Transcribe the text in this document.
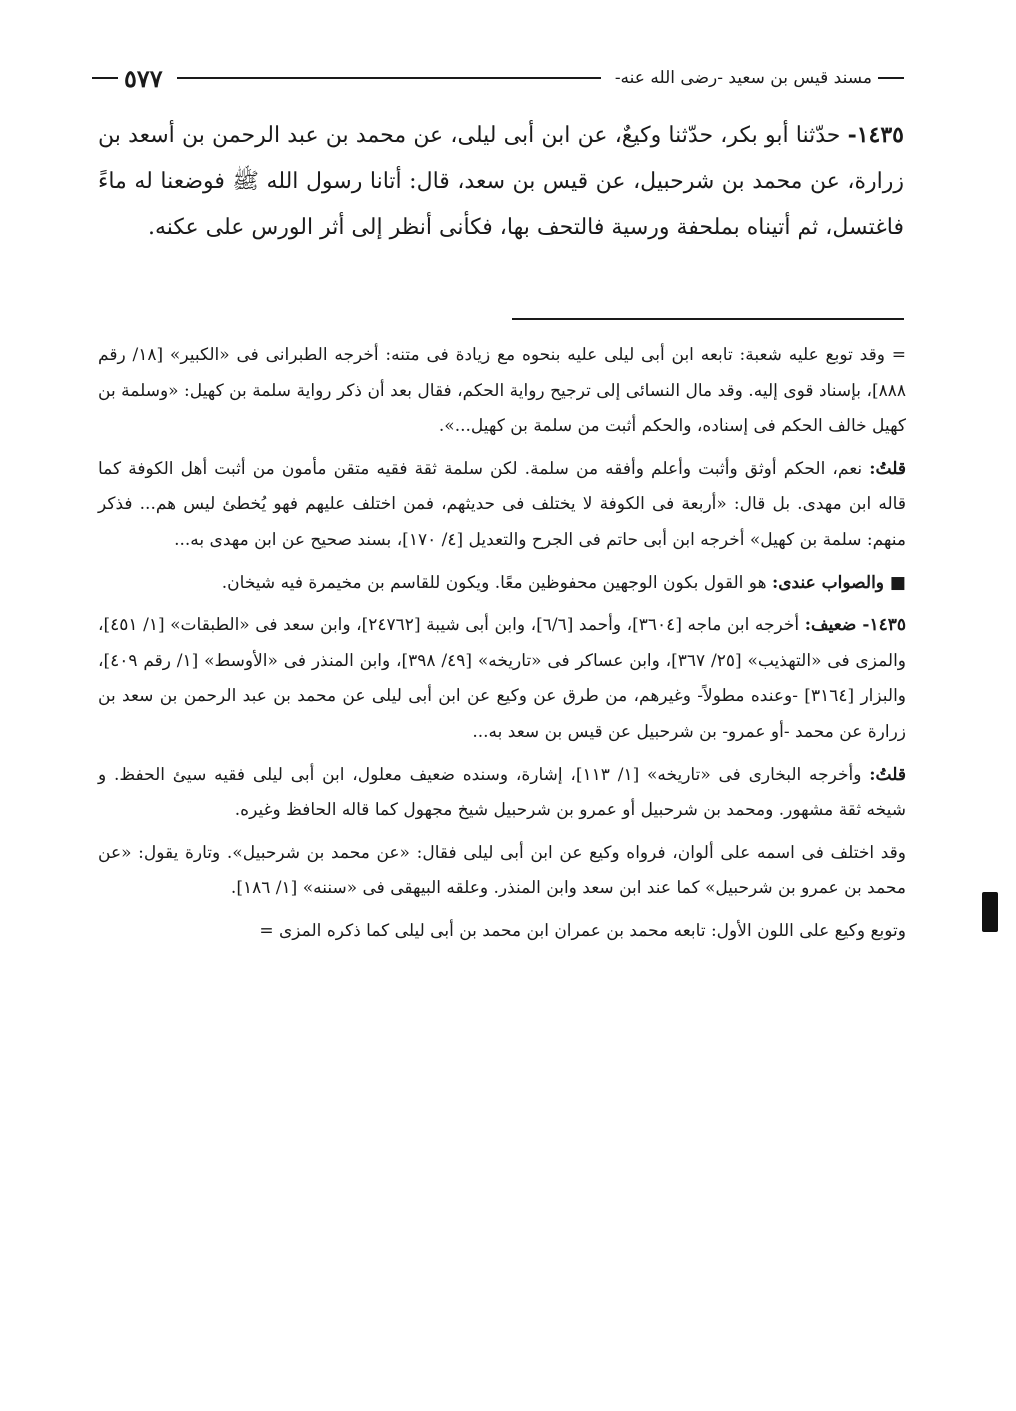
مسند قيس بن سعيد -رضى الله عنه-
٥٧٧
١٤٣٥- حدّثنا أبو بكر، حدّثنا وكيعٌ، عن ابن أبى ليلى، عن محمد بن عبد الرحمن بن أسعد بن زرارة، عن محمد بن شرحبيل، عن قيس بن سعد، قال: أتانا رسول الله ﷺ فوضعنا له ماءً فاغتسل، ثم أتيناه بملحفة ورسية فالتحف بها، فكأنى أنظر إلى أثر الورس على عكنه.

= وقد توبع عليه شعبة: تابعه ابن أبى ليلى عليه بنحوه مع زيادة فى متنه: أخرجه الطبرانى فى «الكبير» [١٨/ رقم ٨٨٨]، بإسناد قوى إليه. وقد مال النسائى إلى ترجيح رواية الحكم، فقال بعد أن ذكر رواية سلمة بن كهيل: «وسلمة بن كهيل خالف الحكم فى إسناده، والحكم أثبت من سلمة بن كهيل...».

قلتُ: نعم، الحكم أوثق وأثبت وأعلم وأفقه من سلمة. لكن سلمة ثقة فقيه متقن مأمون من أثبت أهل الكوفة كما قاله ابن مهدى. بل قال: «أربعة فى الكوفة لا يختلف فى حديثهم، فمن اختلف عليهم فهو يُخطئ ليس هم... فذكر منهم: سلمة بن كهيل» أخرجه ابن أبى حاتم فى الجرح والتعديل [٤/ ١٧٠]، بسند صحيح عن ابن مهدى به...

■ والصواب عندى: هو القول بكون الوجهين محفوظين معًا. ويكون للقاسم بن مخيمرة فيه شيخان.

١٤٣٥- ضعيف: أخرجه ابن ماجه [٣٦٠٤]، وأحمد [٦/٦]، وابن أبى شيبة [٢٤٧٦٢]، وابن سعد فى «الطبقات» [١/ ٤٥١]، والمزى فى «التهذيب» [٢٥/ ٣٦٧]، وابن عساكر فى «تاريخه» [٤٩/ ٣٩٨]، وابن المنذر فى «الأوسط» [١/ رقم ٤٠٩]، والبزار [٣١٦٤] -وعنده مطولاً- وغيرهم، من طرق عن وكيع عن ابن أبى ليلى عن محمد بن عبد الرحمن بن سعد بن زرارة عن محمد -أو عمرو- بن شرحبيل عن قيس بن سعد به...

قلتُ: وأخرجه البخارى فى «تاريخه» [١/ ١١٣]، إشارة، وسنده ضعيف معلول، ابن أبى ليلى فقيه سيئ الحفظ. و شيخه ثقة مشهور. ومحمد بن شرحبيل أو عمرو بن شرحبيل شيخ مجهول كما قاله الحافظ وغيره.

وقد اختلف فى اسمه على ألوان، فرواه وكيع عن ابن أبى ليلى فقال: «عن محمد بن شرحبيل». وتارة يقول: «عن محمد بن عمرو بن شرحبيل» كما عند ابن سعد وابن المنذر. وعلقه البيهقى فى «سننه» [١/ ١٨٦].

وتوبع وكيع على اللون الأول: تابعه محمد بن عمران ابن محمد بن أبى ليلى كما ذكره المزى =
